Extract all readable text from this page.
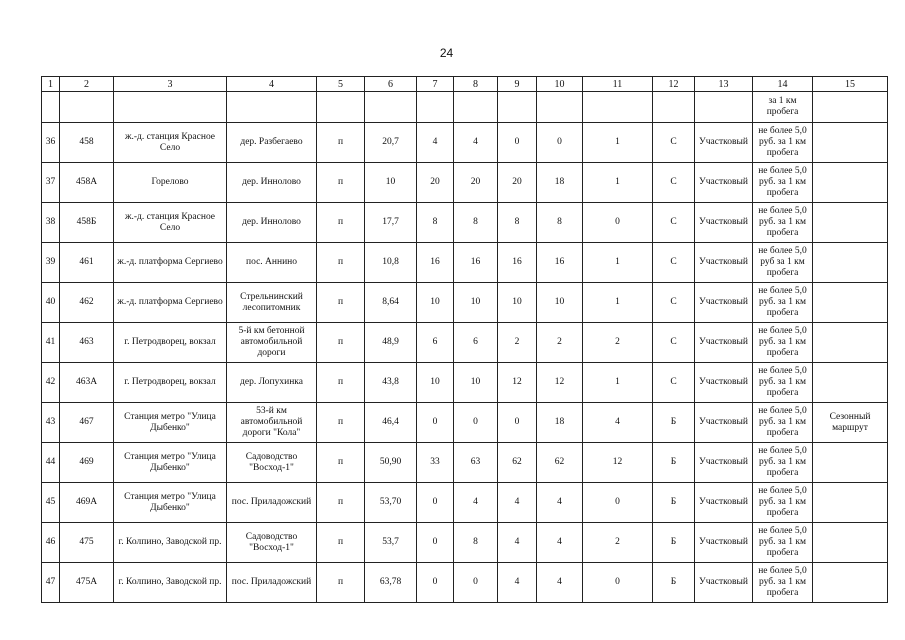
24
1	2	3	4	5	6	7	8	9	10	11	12	13	14	15
													за 1 км пробега	
36	458	ж.-д. станция Красное Село	дер. Разбегаево	п	20,7	4	4	0	0	1	С	Участковый	не более 5,0 руб. за 1 км пробега	
37	458А	Горелово	дер. Иннолово	п	10	20	20	20	18	1	С	Участковый	не более 5,0 руб. за 1 км пробега	
38	458Б	ж.-д. станция Красное Село	дер. Иннолово	п	17,7	8	8	8	8	0	С	Участковый	не более 5,0 руб. за 1 км пробега	
39	461	ж.-д. платформа Сергиево	пос. Аннино	п	10,8	16	16	16	16	1	С	Участковый	не более 5,0 руб за 1 км пробега	
40	462	ж.-д. платформа Сергиево	Стрельнинский лесопитомник	п	8,64	10	10	10	10	1	С	Участковый	не более 5,0 руб. за 1 км пробега	
41	463	г. Петродворец, вокзал	5-й км бетонной автомобильной дороги	п	48,9	6	6	2	2	2	С	Участковый	не более 5,0 руб. за 1 км пробега	
42	463А	г. Петродворец, вокзал	дер. Лопухинка	п	43,8	10	10	12	12	1	С	Участковый	не более 5,0 руб. за 1 км пробега	
43	467	Станция метро "Улица Дыбенко"	53-й км автомобильной дороги "Кола"	п	46,4	0	0	0	18	4	Б	Участковый	не более 5,0 руб. за 1 км пробега	Сезонный маршрут
44	469	Станция метро "Улица Дыбенко"	Садоводство "Восход-1"	п	50,90	33	63	62	62	12	Б	Участковый	не более 5,0 руб. за 1 км пробега	
45	469А	Станция метро "Улица Дыбенко"	пос. Приладожский	п	53,70	0	4	4	4	0	Б	Участковый	не более 5,0 руб. за 1 км пробега	
46	475	г. Колпино, Заводской пр.	Садоводство "Восход-1"	п	53,7	0	8	4	4	2	Б	Участковый	не более 5,0 руб. за 1 км пробега	
47	475А	г. Колпино, Заводской пр.	пос. Приладожский	п	63,78	0	0	4	4	0	Б	Участковый	не более 5,0 руб. за 1 км пробега	
